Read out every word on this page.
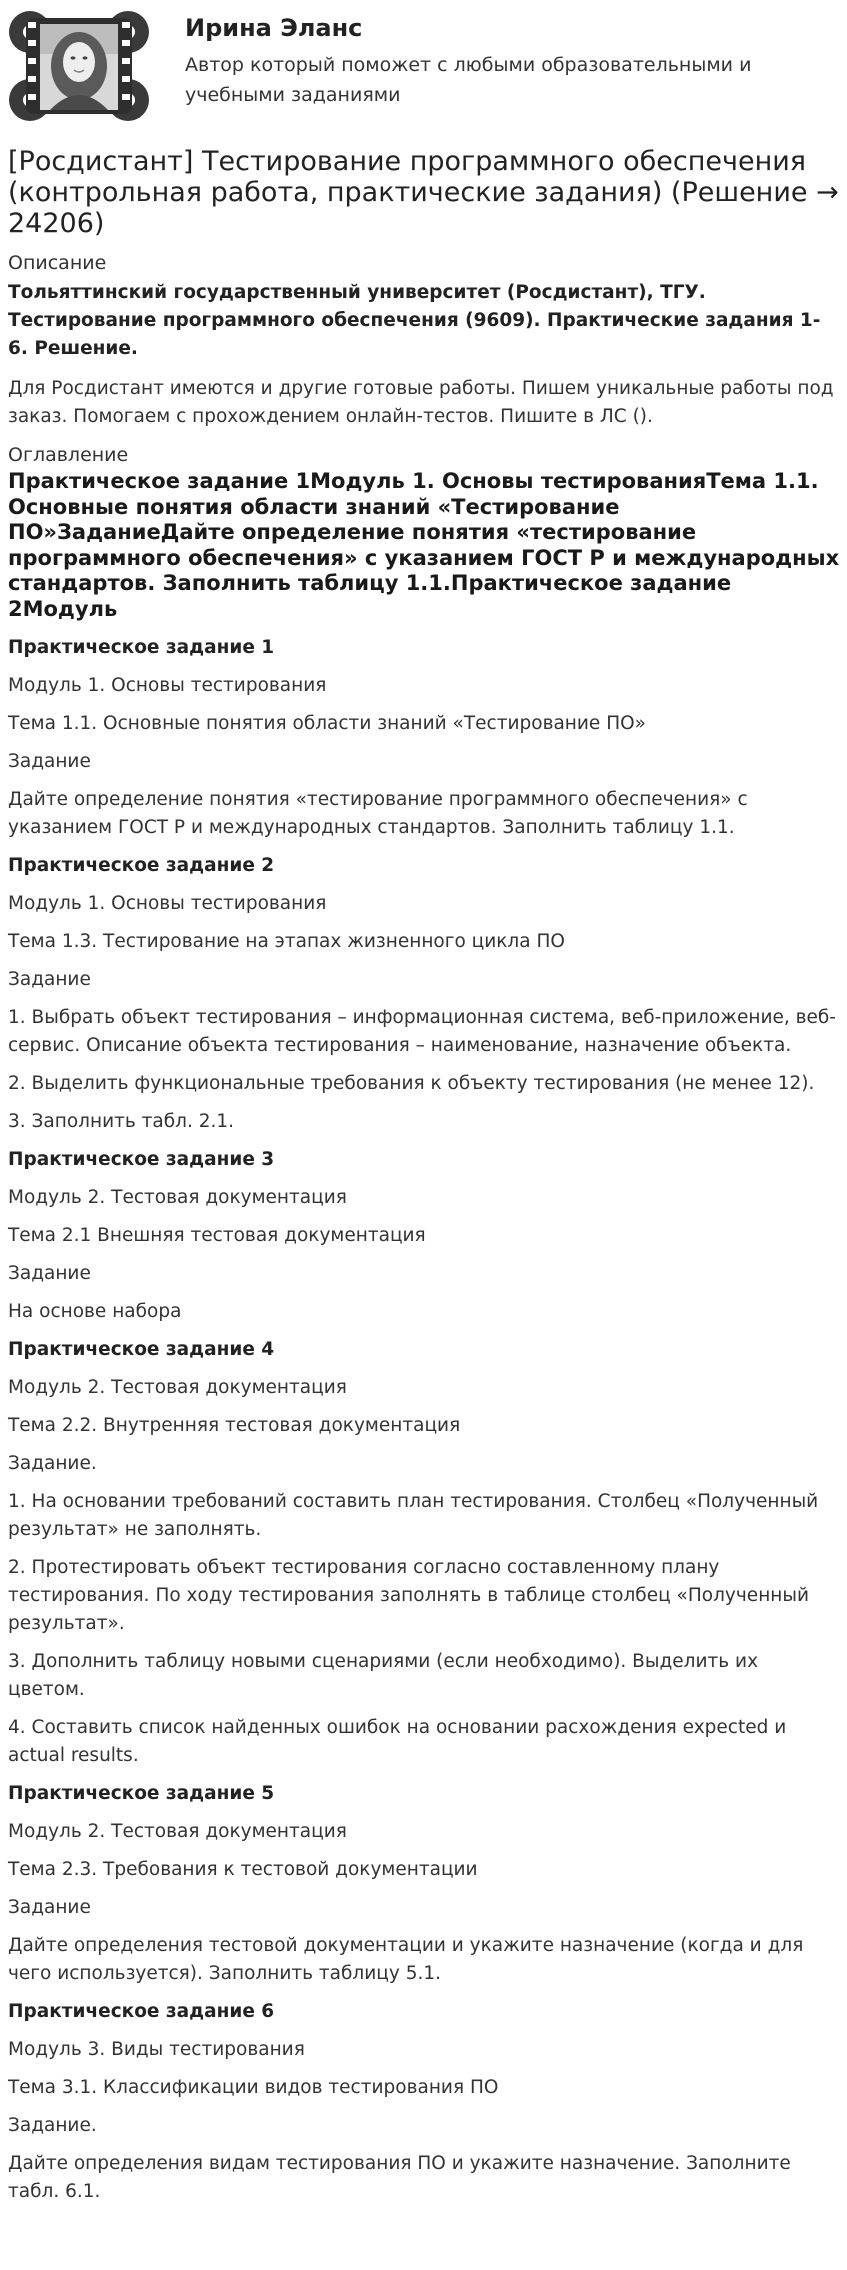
Ирина Эланс
Автор который поможет с любыми образовательными и учебными заданиями
[Росдистант] Тестирование программного обеспечения (контрольная работа, практические задания) (Решение → 24206)
Описание
Тольяттинский государственный университет (Росдистант), ТГУ. Тестирование программного обеспечения (9609). Практические задания 1-6. Решение.
Для Росдистант имеются и другие готовые работы. Пишем уникальные работы под заказ. Помогаем с прохождением онлайн-тестов. Пишите в ЛС ().
Оглавление
Практическое задание 1Модуль 1. Основы тестированияТема 1.1. Основные понятия области знаний «Тестирование ПО»ЗаданиеДайте определение понятия «тестирование программного обеспечения» с указанием ГОСТ Р и международных стандартов. Заполнить таблицу 1.1.Практическое задание 2Модуль
Практическое задание 1
Модуль 1. Основы тестирования
Тема 1.1. Основные понятия области знаний «Тестирование ПО»
Задание
Дайте определение понятия «тестирование программного обеспечения» с указанием ГОСТ Р и международных стандартов. Заполнить таблицу 1.1.
Практическое задание 2
Модуль 1. Основы тестирования
Тема 1.3. Тестирование на этапах жизненного цикла ПО
Задание
1. Выбрать объект тестирования – информационная система, веб-приложение, веб-сервис. Описание объекта тестирования – наименование, назначение объекта.
2. Выделить функциональные требования к объекту тестирования (не менее 12).
3. Заполнить табл. 2.1.
Практическое задание 3
Модуль 2. Тестовая документация
Тема 2.1 Внешняя тестовая документация
Задание
На основе набора
Практическое задание 4
Модуль 2. Тестовая документация
Тема 2.2. Внутренняя тестовая документация
Задание.
1. На основании требований составить план тестирования. Столбец «Полученный результат» не заполнять.
2. Протестировать объект тестирования согласно составленному плану тестирования. По ходу тестирования заполнять в таблице столбец «Полученный результат».
3. Дополнить таблицу новыми сценариями (если необходимо). Выделить их цветом.
4. Составить список найденных ошибок на основании расхождения expected и actual results.
Практическое задание 5
Модуль 2. Тестовая документация
Тема 2.3. Требования к тестовой документации
Задание
Дайте определения тестовой документации и укажите назначение (когда и для чего используется). Заполнить таблицу 5.1.
Практическое задание 6
Модуль 3. Виды тестирования
Тема 3.1. Классификации видов тестирования ПО
Задание.
Дайте определения видам тестирования ПО и укажите назначение. Заполните табл. 6.1.
